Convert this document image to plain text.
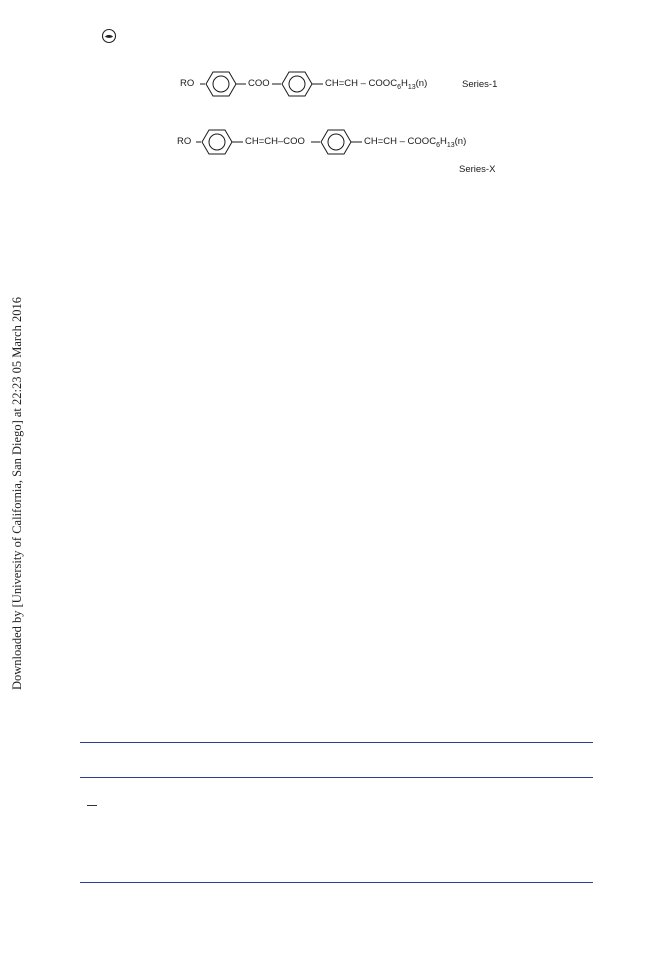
RO	COO	$CH=CH - COOC_6H_{13}(n)$	Series-1
RO	CH=CH–COO	$CH=CH - COOC_6H_{13}(n)$
Series-X
Downloaded by [University of California, San Diego] at 22:23 05 March 2016
